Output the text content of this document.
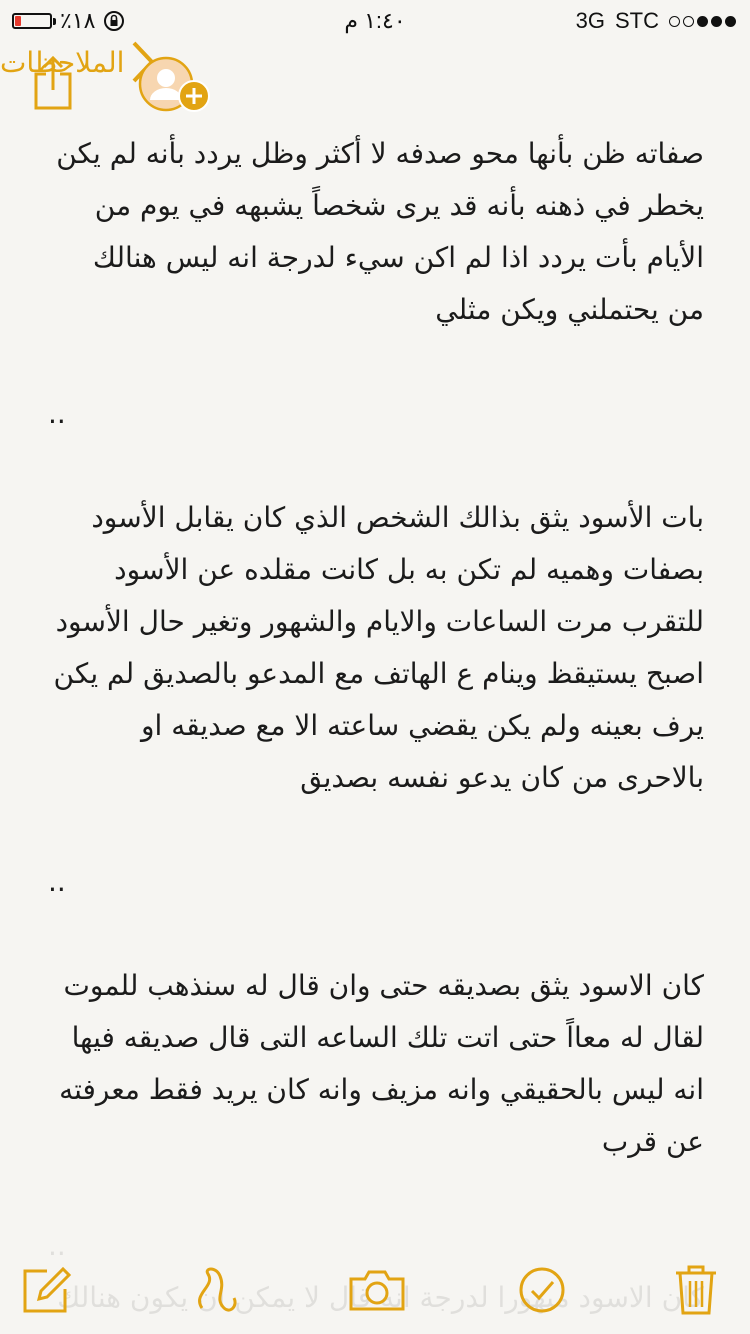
٪١٨	١:٤٠ م	3G STC
الملاحظات

صفاته ظن بأنها محو صدفه لا أكثر وظل يردد بأنه لم يكن يخطر في ذهنه بأنه قد يرى شخصاً يشبهه في يوم من الأيام بأت يردد اذا لم اكن سيء لدرجة انه ليس هنالك من يحتملني ويكن مثلي

..

بات الأسود يثق بذالك الشخص الذي كان يقابل الأسود بصفات وهميه لم تكن به بل كانت مقلده عن الأسود للتقرب مرت الساعات والايام والشهور وتغير حال الأسود اصبح يستيقظ وينام ع الهاتف مع المدعو بالصديق لم يكن يرف بعينه ولم يكن يقضي ساعته الا مع صديقه او بالاحرى من كان يدعو نفسه بصديق

..

كان الاسود يثق بصديقه حتى وان قال له سنذهب للموت لقال له معااً حتى اتت تلك الساعه التى قال صديقه فيها انه ليس بالحقيقي وانه مزيف وانه كان يريد فقط معرفته عن قرب
